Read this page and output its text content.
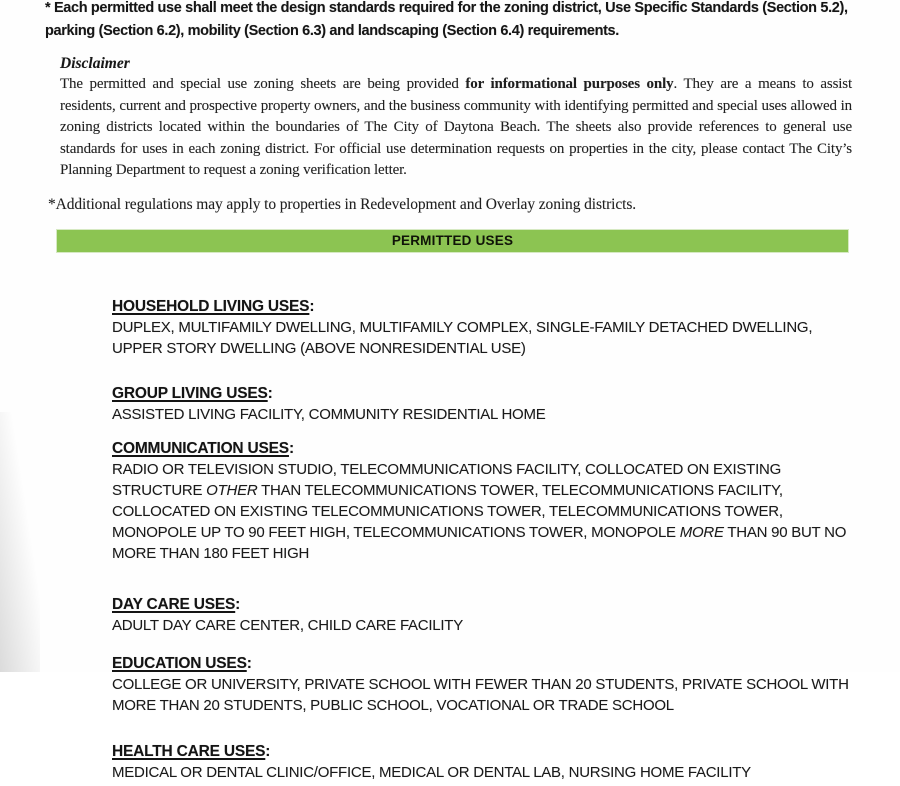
* Each permitted use shall meet the design standards required for the zoning district, Use Specific Standards (Section 5.2), parking (Section 6.2), mobility (Section 6.3) and landscaping (Section 6.4) requirements.

Disclaimer

The permitted and special use zoning sheets are being provided for informational purposes only. They are a means to assist residents, current and prospective property owners, and the business community with identifying permitted and special uses allowed in zoning districts located within the boundaries of The City of Daytona Beach. The sheets also provide references to general use standards for uses in each zoning district. For official use determination requests on properties in the city, please contact The City’s Planning Department to request a zoning verification letter.

*Additional regulations may apply to properties in Redevelopment and Overlay zoning districts.

PERMITTED USES
HOUSEHOLD LIVING USES:
DUPLEX, MULTIFAMILY DWELLING, MULTIFAMILY COMPLEX, SINGLE-FAMILY DETACHED DWELLING, UPPER STORY DWELLING (ABOVE NONRESIDENTIAL USE)
GROUP LIVING USES:
ASSISTED LIVING FACILITY, COMMUNITY RESIDENTIAL HOME
COMMUNICATION USES:
RADIO OR TELEVISION STUDIO, TELECOMMUNICATIONS FACILITY, COLLOCATED ON EXISTING STRUCTURE OTHER THAN TELECOMMUNICATIONS TOWER, TELECOMMUNICATIONS FACILITY, COLLOCATED ON EXISTING TELECOMMUNICATIONS TOWER, TELECOMMUNICATIONS TOWER, MONOPOLE UP TO 90 FEET HIGH, TELECOMMUNICATIONS TOWER, MONOPOLE MORE THAN 90 BUT NO MORE THAN 180 FEET HIGH
DAY CARE USES:
ADULT DAY CARE CENTER, CHILD CARE FACILITY
EDUCATION USES:
COLLEGE OR UNIVERSITY, PRIVATE SCHOOL WITH FEWER THAN 20 STUDENTS, PRIVATE SCHOOL WITH MORE THAN 20 STUDENTS, PUBLIC SCHOOL, VOCATIONAL OR TRADE SCHOOL
HEALTH CARE USES:
MEDICAL OR DENTAL CLINIC/OFFICE, MEDICAL OR DENTAL LAB, NURSING HOME FACILITY
